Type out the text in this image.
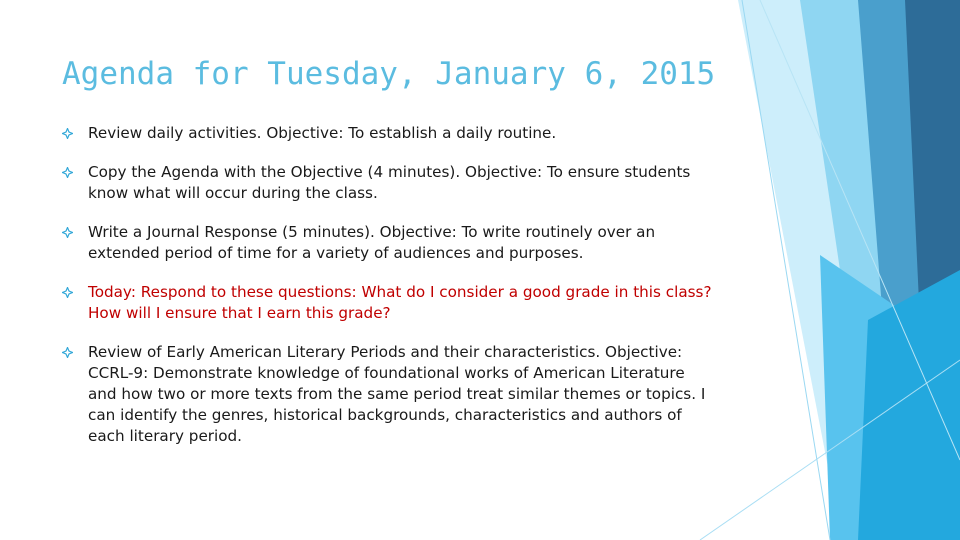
Agenda for Tuesday, January 6, 2015
Review daily activities. Objective: To establish a daily routine.
Copy the Agenda with the Objective (4 minutes). Objective: To ensure students know what will occur during the class.
Write a Journal Response (5 minutes). Objective: To write routinely over an extended period of time for a variety of audiences and purposes.
Today: Respond to these questions: What do I consider a good grade in this class? How will I ensure that I earn this grade?
Review of Early American Literary Periods and their characteristics. Objective: CCRL-9: Demonstrate knowledge of foundational works of American Literature and how two or more texts from the same period treat similar themes or topics. I can identify the genres, historical backgrounds, characteristics and authors of each literary period.
